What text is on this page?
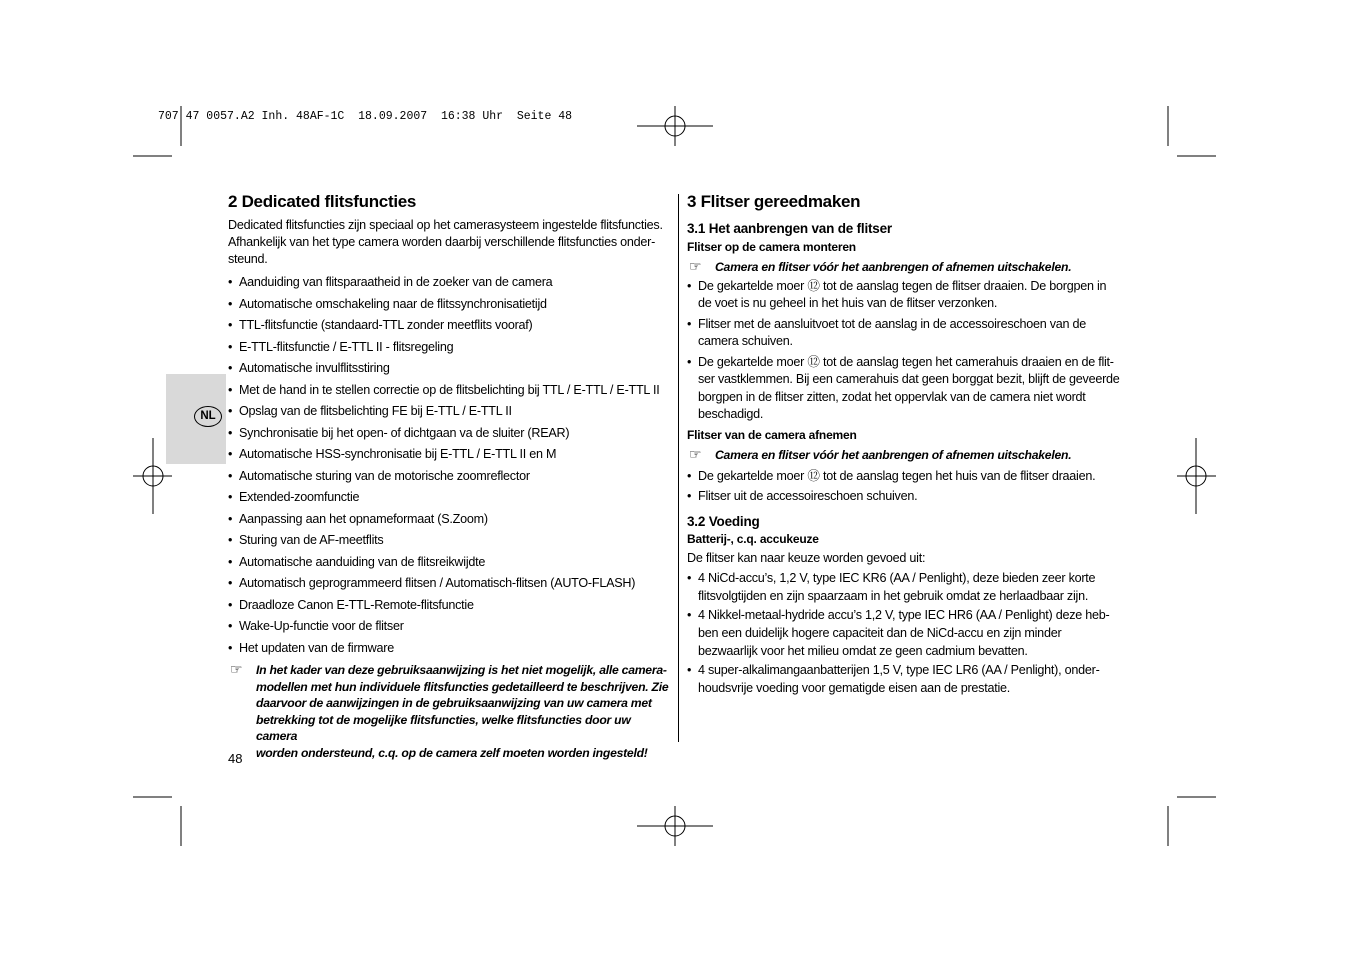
707 47 0057.A2 Inh. 48AF-1C  18.09.2007  16:38 Uhr  Seite 48
NL
2 Dedicated flitsfuncties
Dedicated flitsfuncties zijn speciaal op het camerasysteem ingestelde flitsfuncties.
Afhankelijk van het type camera worden daarbij verschillende flitsfuncties onder-
steund.
• Aanduiding van flitsparaatheid in de zoeker van de camera
• Automatische omschakeling naar de flitssynchronisatietijd
• TTL-flitsfunctie (standaard-TTL zonder meetflits vooraf)
• E-TTL-flitsfunctie / E-TTL II - flitsregeling
• Automatische invulflitsstiring
• Met de hand in te stellen correctie op de flitsbelichting bij TTL / E-TTL / E-TTL II
• Opslag van de flitsbelichting FE bij E-TTL / E-TTL II
• Synchronisatie bij het open- of dichtgaan va de sluiter (REAR)
• Automatische HSS-synchronisatie bij E-TTL / E-TTL II en M
• Automatische sturing van de motorische zoomreflector
• Extended-zoomfunctie
• Aanpassing aan het opnameformaat (S.Zoom)
• Sturing van de AF-meetflits
• Automatische aanduiding van de flitsreikwijdte
• Automatisch geprogrammeerd flitsen / Automatisch-flitsen (AUTO-FLASH)
• Draadloze Canon E-TTL-Remote-flitsfunctie
• Wake-Up-functie voor de flitser
• Het updaten van de firmware
☞ In het kader van deze gebruiksaanwijzing is het niet mogelijk, alle camera-
modellen met hun individuele flitsfuncties gedetailleerd te beschrijven. Zie
daarvoor de aanwijzingen in de gebruiksaanwijzing van uw camera met
betrekking tot de mogelijke flitsfuncties, welke flitsfuncties door uw camera
worden ondersteund, c.q. op de camera zelf moeten worden ingesteld!
48
3 Flitser gereedmaken
3.1 Het aanbrengen van de flitser
Flitser op de camera monteren
☞ Camera en flitser vóór het aanbrengen of afnemen uitschakelen.
• De gekartelde moer ⑫ tot de aanslag tegen de flitser draaien. De borgpen in
de voet is nu geheel in het huis van de flitser verzonken.
• Flitser met de aansluitvoet tot de aanslag in de accessoireschoen van de
camera schuiven.
• De gekartelde moer ⑫ tot de aanslag tegen het camerahuis draaien en de flit-
ser vastklemmen. Bij een camerahuis dat geen borggat bezit, blijft de geveerde
borgpen in de flitser zitten, zodat het oppervlak van de camera niet wordt
beschadigd.
Flitser van de camera afnemen
☞ Camera en flitser vóór het aanbrengen of afnemen uitschakelen.
• De gekartelde moer ⑫ tot de aanslag tegen het huis van de flitser draaien.
• Flitser uit de accessoireschoen schuiven.
3.2 Voeding
Batterij-, c.q. accukeuze
De flitser kan naar keuze worden gevoed uit:
• 4 NiCd-accu’s, 1,2 V, type IEC KR6 (AA / Penlight), deze bieden zeer korte
flitsvolgtijden en zijn spaarzaam in het gebruik omdat ze herlaadbaar zijn.
• 4 Nikkel-metaal-hydride accu’s 1,2 V, type IEC HR6 (AA / Penlight) deze heb-
ben een duidelijk hogere capaciteit dan de NiCd-accu en zijn minder
bezwaarlijk voor het milieu omdat ze geen cadmium bevatten.
• 4 super-alkalimangaanbatterijen 1,5 V, type IEC LR6 (AA / Penlight), onder-
houdsvrije voeding voor gematigde eisen aan de prestatie.
